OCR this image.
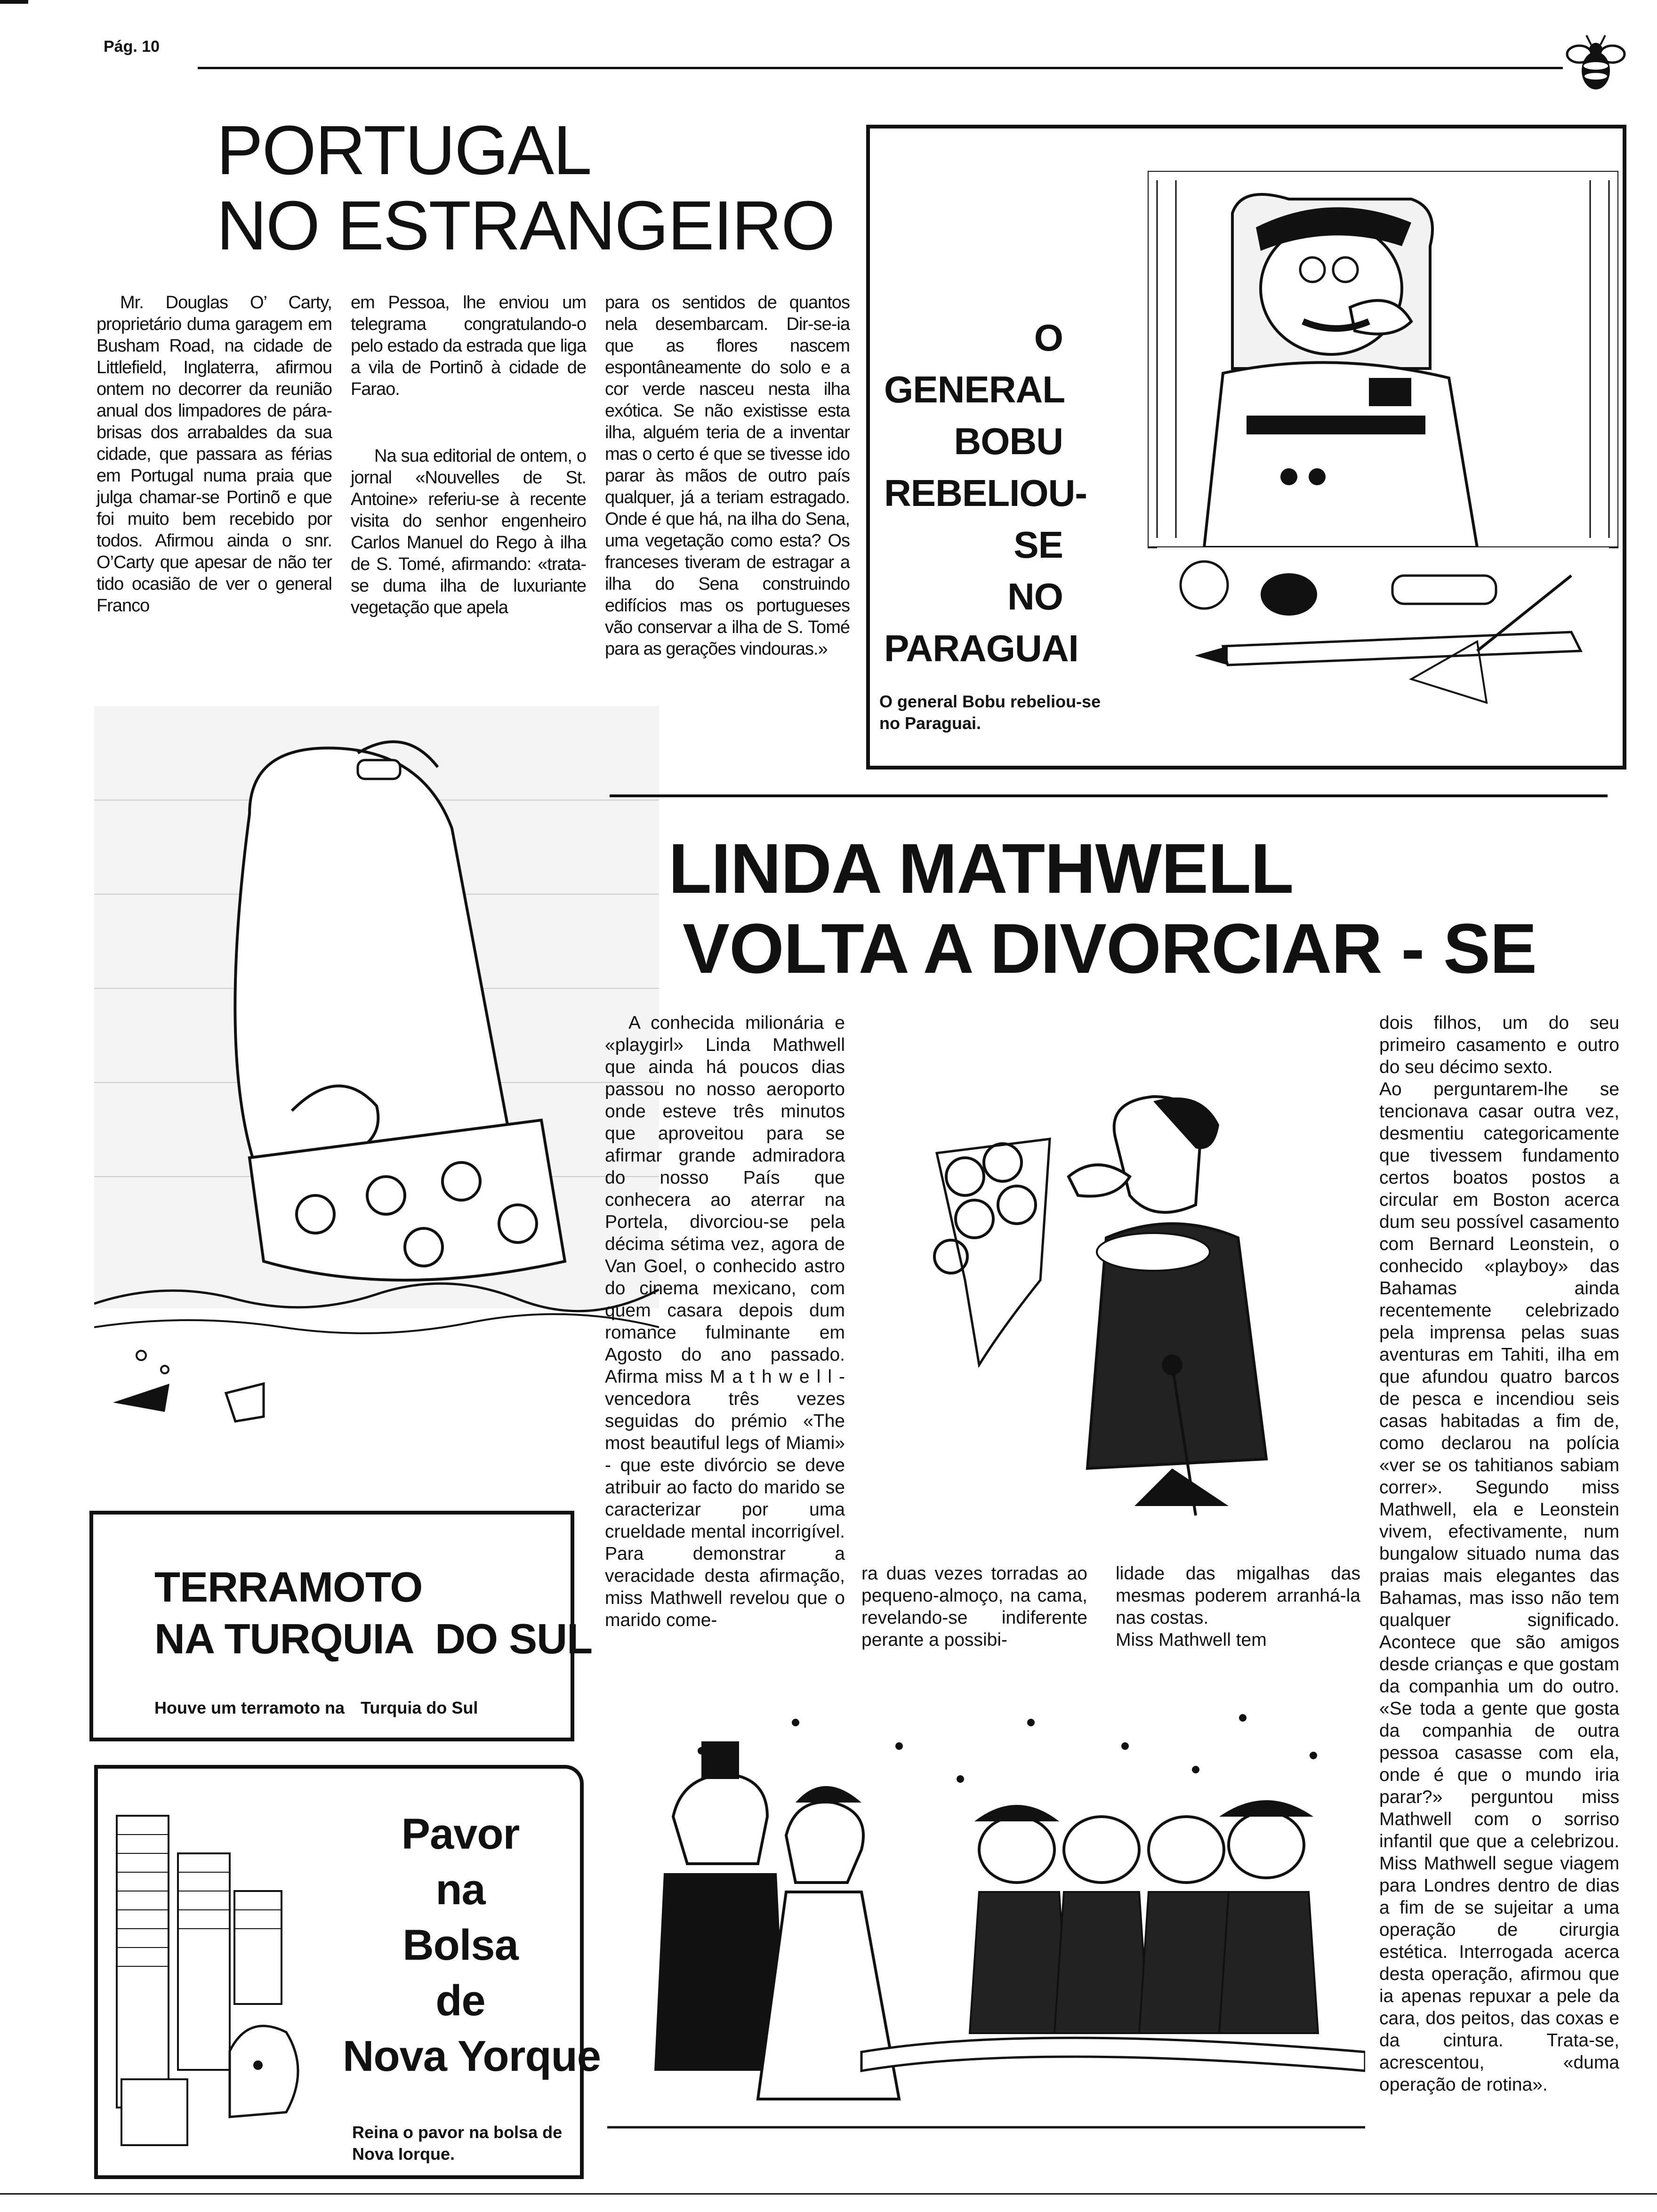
Pág. 10
PORTUGAL
NO ESTRANGEIRO
Mr. Douglas O’ Carty, proprietário duma garagem em Busham Road, na cidade de Littlefield, Inglaterra, afirmou ontem no decorrer da reunião anual dos limpadores de pára-brisas dos arrabaldes da sua cidade, que passara as férias em Portugal numa praia que julga chamar-se Portinõ e que foi muito bem recebido por todos. Afirmou ainda o snr. O’Carty que apesar de não ter tido ocasião de ver o general Franco
em Pessoa, lhe enviou um telegrama congratulando-o pelo estado da estrada que liga a vila de Portinõ à cidade de Farao.
Na sua editorial de ontem, o jornal «Nouvelles de St. Antoine» referiu-se à recente visita do senhor engenheiro Carlos Manuel do Rego à ilha de S. Tomé, afirmando: «trata-se duma ilha de luxuriante vegetação que apela
para os sentidos de quantos nela desembarcam. Dir-se-ia que as flores nascem espontâneamente do solo e a cor verde nasceu nesta ilha exótica. Se não existisse esta ilha, alguém teria de a inventar mas o certo é que se tivesse ido parar às mãos de outro país qualquer, já a teriam estragado. Onde é que há, na ilha do Sena, uma vegetação como esta? Os franceses tiveram de estragar a ilha do Sena construindo edifícios mas os portugueses vão conservar a ilha de S. Tomé para as gerações vindouras.»
O
GENERAL
BOBU
REBELIOU-SE
NO
PARAGUAI
O general Bobu rebeliou-se no Paraguai.
LINDA MATHWELL
VOLTA A DIVORCIAR - SE
A conhecida milionária e «playgirl» Linda Mathwell que ainda há poucos dias passou no nosso aeroporto onde esteve três minutos que aproveitou para se afirmar grande admiradora do nosso País que conhecera ao aterrar na Portela, divorciou-se pela décima sétima vez, agora de Van Goel, o conhecido astro do cinema mexicano, com quem casara depois dum romance fulminante em Agosto do ano passado. Afirma miss M a t h w e l l - vencedora três vezes seguidas do prémio «The most beautiful legs of Miami» - que este divórcio se deve atribuir ao facto do marido se caracterizar por uma crueldade mental incorrigível. Para demonstrar a veracidade desta afirmação, miss Mathwell revelou que o marido come-
ra duas vezes torradas ao pequeno-almoço, na cama, revelando-se indiferente perante a possibi-
lidade das migalhas das mesmas poderem arranhá-la nas costas.
Miss Mathwell tem
dois filhos, um do seu primeiro casamento e outro do seu décimo sexto.
Ao perguntarem-lhe se tencionava casar outra vez, desmentiu categoricamente que tivessem fundamento certos boatos postos a circular em Boston acerca dum seu possível casamento com Bernard Leonstein, o conhecido «playboy» das Bahamas ainda recentemente celebrizado pela imprensa pelas suas aventuras em Tahiti, ilha em que afundou quatro barcos de pesca e incendiou seis casas habitadas a fim de, como declarou na polícia «ver se os tahitianos sabiam correr». Segundo miss Mathwell, ela e Leonstein vivem, efectivamente, num bungalow situado numa das praias mais elegantes das Bahamas, mas isso não tem qualquer significado. Acontece que são amigos desde crianças e que gostam da companhia um do outro. «Se toda a gente que gosta da companhia de outra pessoa casasse com ela, onde é que o mundo iria parar?» perguntou miss Mathwell com o sorriso infantil que que a celebrizou. Miss Mathwell segue viagem para Londres dentro de dias a fim de se sujeitar a uma operação de cirurgia estética. Interrogada acerca desta operação, afirmou que ia apenas repuxar a pele da cara, dos peitos, das coxas e da cintura. Trata-se, acrescentou, «duma operação de rotina».
TERRAMOTO
NA TURQUIA DO SUL
Houve um terramoto na Turquia do Sul
Pavor
na
Bolsa
de
Nova Yorque
Reina o pavor na bolsa de Nova Iorque.
